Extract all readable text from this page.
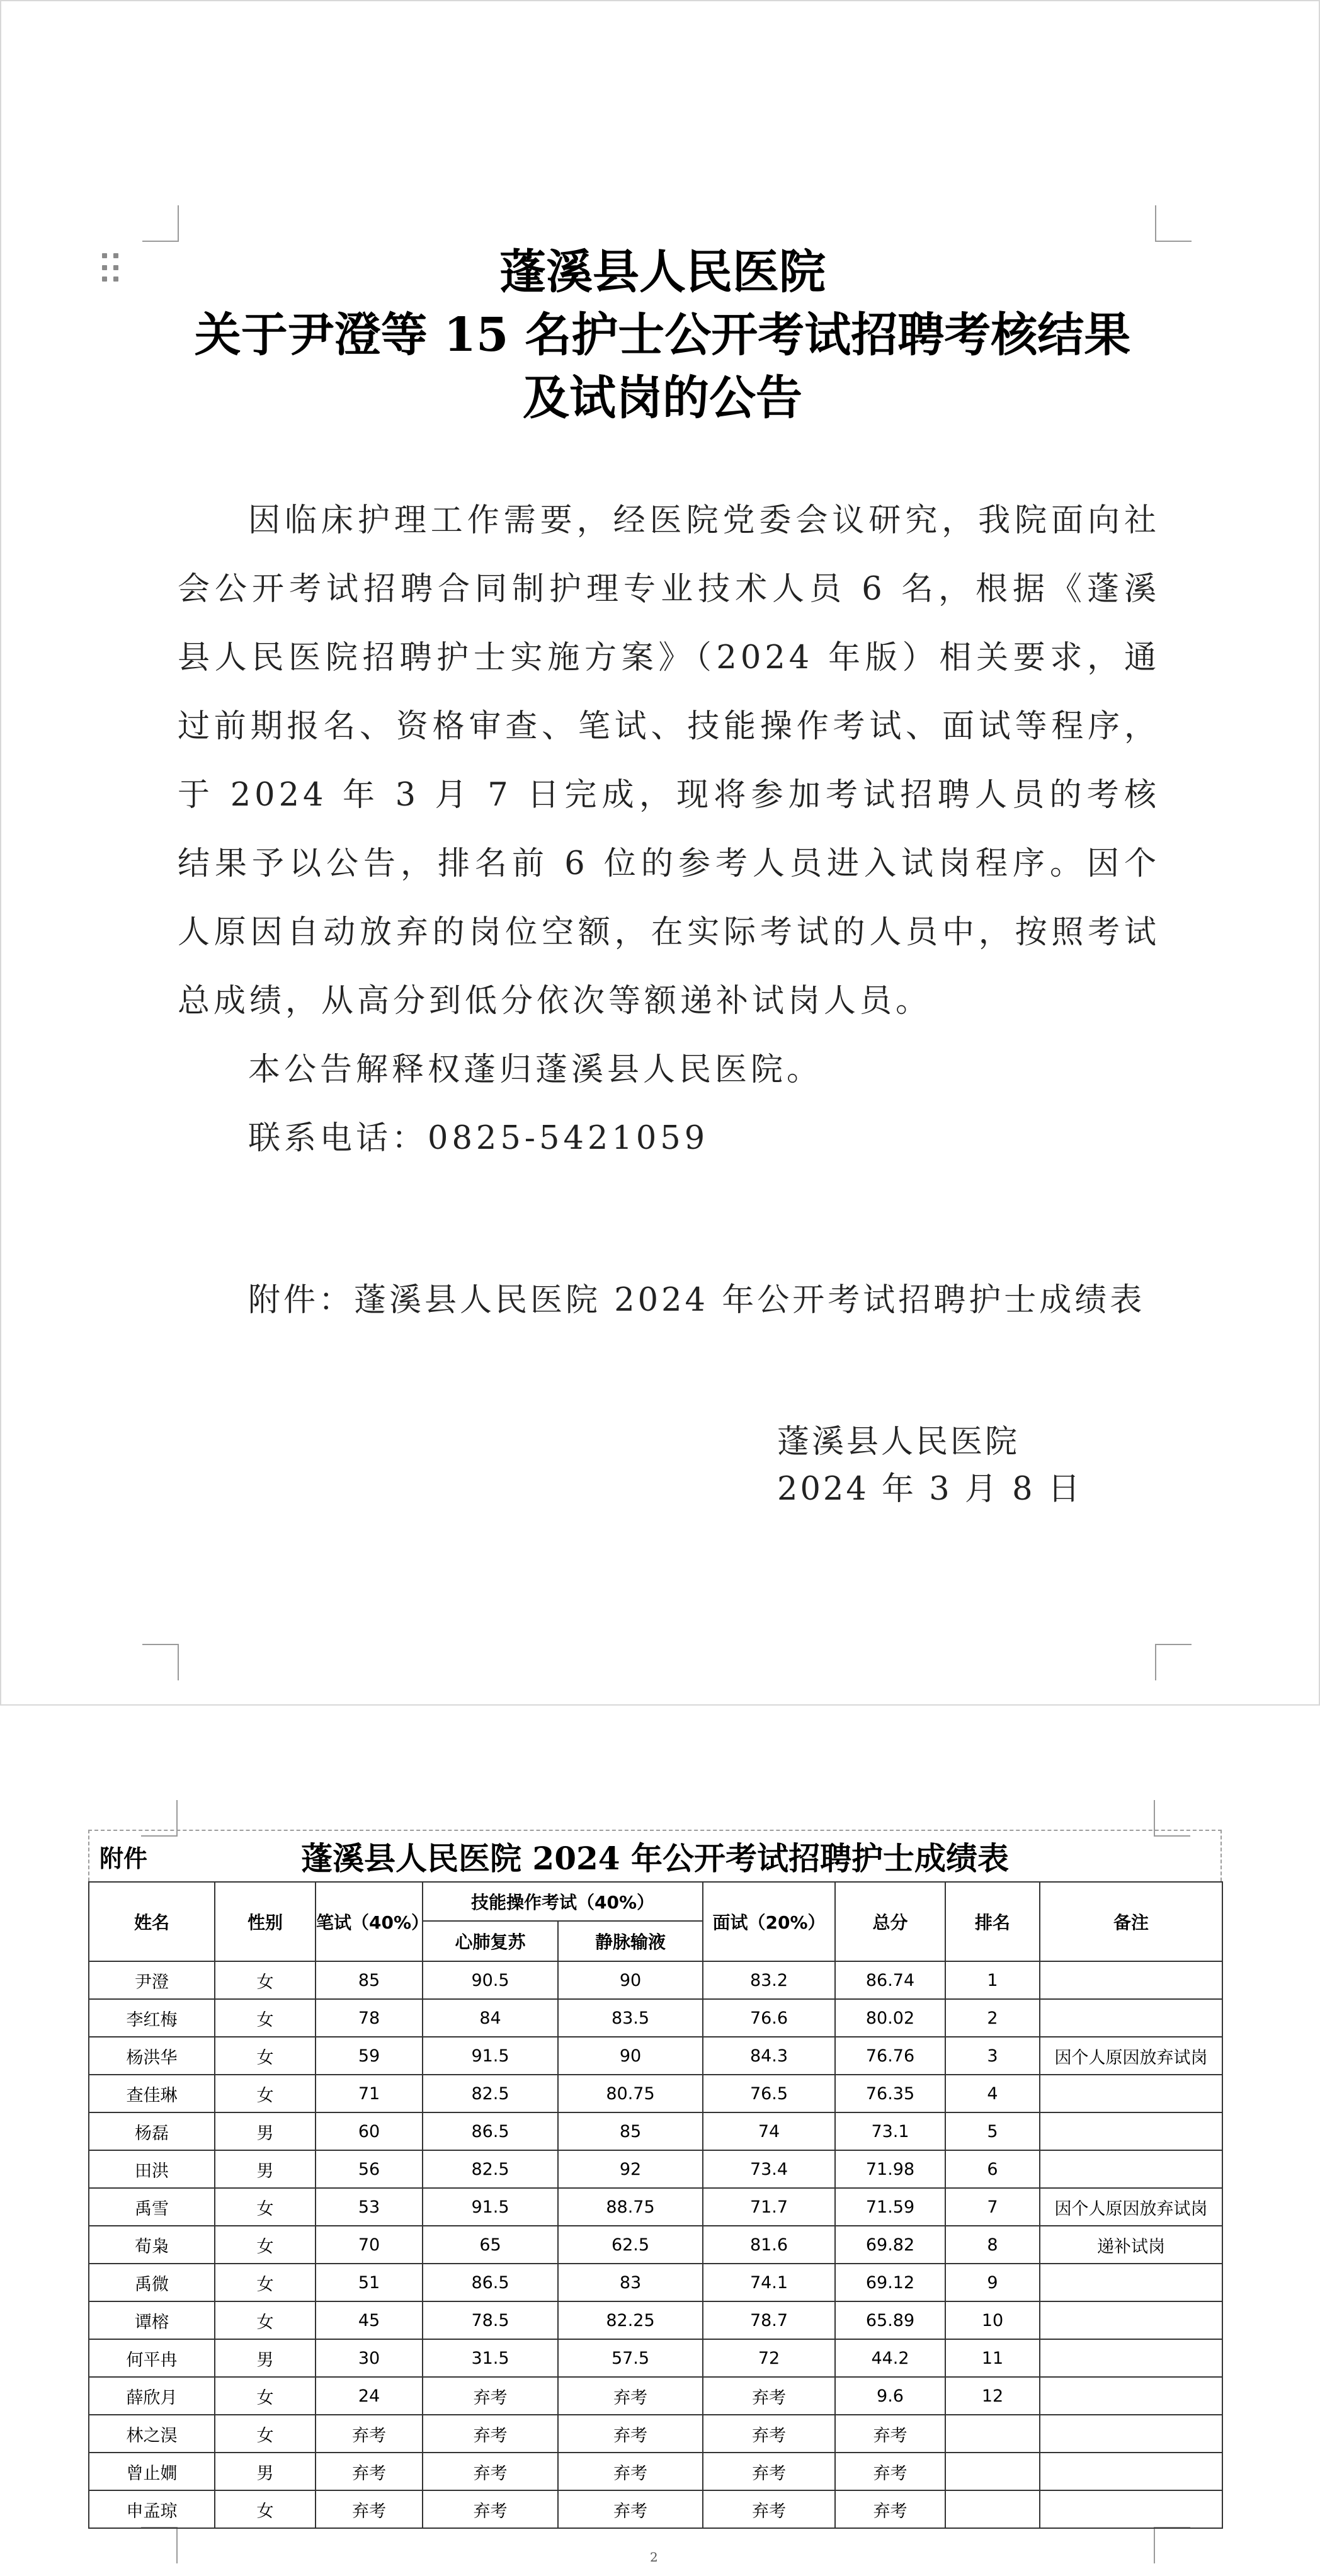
蓬溪县人民医院
关于尹澄等 15 名护士公开考试招聘考核结果
及试岗的公告

因临床护理工作需要，经医院党委会议研究，我院面向社会公开考试招聘合同制护理专业技术人员 6 名，根据《蓬溪县人民医院招聘护士实施方案》（2024 年版）相关要求，通过前期报名、资格审查、笔试、技能操作考试、面试等程序，于 2024 年 3 月 7 日完成，现将参加考试招聘人员的考核结果予以公告，排名前 6 位的参考人员进入试岗程序。因个人原因自动放弃的岗位空额，在实际考试的人员中，按照考试总成绩，从高分到低分依次等额递补试岗人员。

本公告解释权蓬归蓬溪县人民医院。

联系电话：0825-5421059

附件：蓬溪县人民医院 2024 年公开考试招聘护士成绩表
蓬溪县人民医院
2024 年 3 月 8 日
附件	蓬溪县人民医院 2024 年公开考试招聘护士成绩表
姓名	性别	笔试（40%）	技能操作考试（40%）		面试（20%）	总分	排名	备注
			心肺复苏	静脉输液				
尹澄	女	85	90.5	90	83.2	86.74	1	
李红梅	女	78	84	83.5	76.6	80.02	2	
杨洪华	女	59	91.5	90	84.3	76.76	3	因个人原因放弃试岗
查佳琳	女	71	82.5	80.75	76.5	76.35	4	
杨磊	男	60	86.5	85	74	73.1	5	
田洪	男	56	82.5	92	73.4	71.98	6	
禹雪	女	53	91.5	88.75	71.7	71.59	7	因个人原因放弃试岗
荀枭	女	70	65	62.5	81.6	69.82	8	递补试岗
禹微	女	51	86.5	83	74.1	69.12	9	
谭榕	女	45	78.5	82.25	78.7	65.89	10	
何平冉	男	30	31.5	57.5	72	44.2	11	
薛欣月	女	24	弃考	弃考	弃考	9.6	12	
林之淏	女	弃考	弃考	弃考	弃考	弃考		
曾止嫺	男	弃考	弃考	弃考	弃考	弃考		
申孟琼	女	弃考	弃考	弃考	弃考	弃考		
2
